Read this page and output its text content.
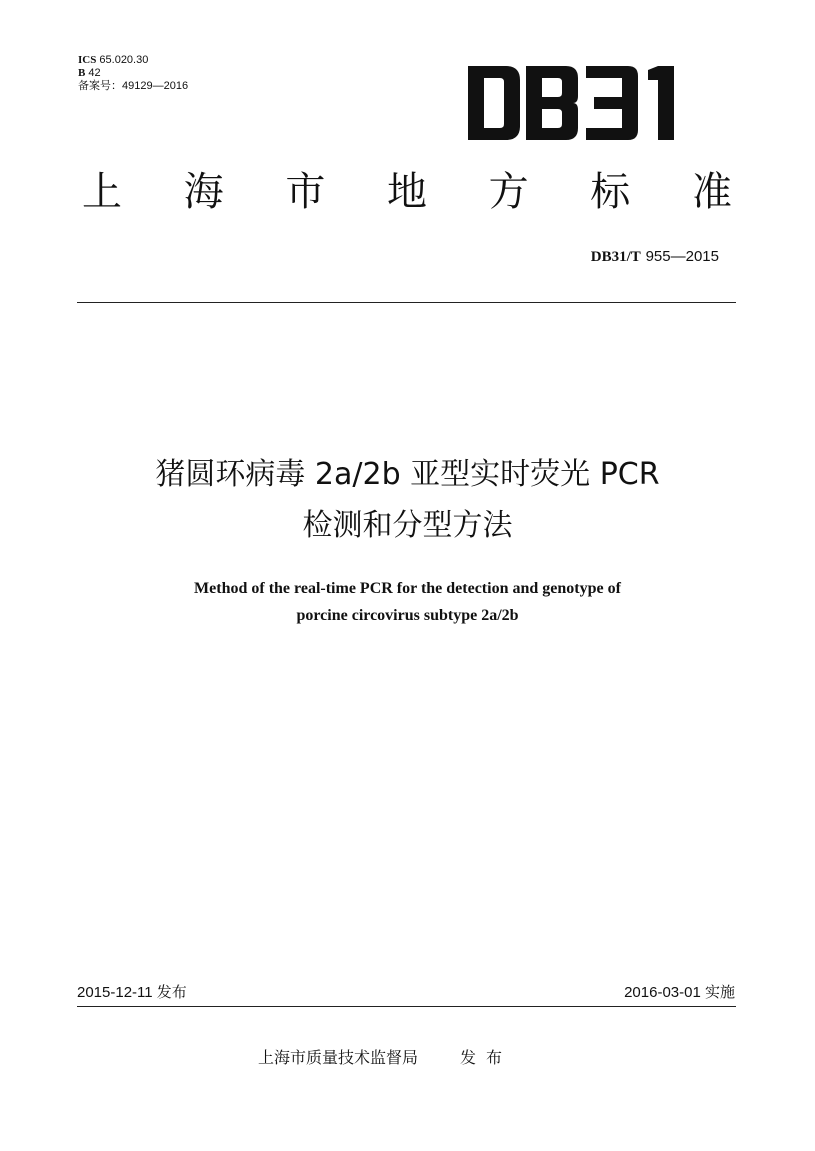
ICS 65.020.30
B 42
备案号：49129—2016
上 海 市 地 方 标 准
DB31/T 955—2015
猪圆环病毒 2a/2b 亚型实时荧光 PCR
检测和分型方法
Method of the real-time PCR for the detection and genotype of
porcine circovirus subtype 2a/2b
2015-12-11 发布	2016-03-01 实施
上海市质量技术监督局	发布
